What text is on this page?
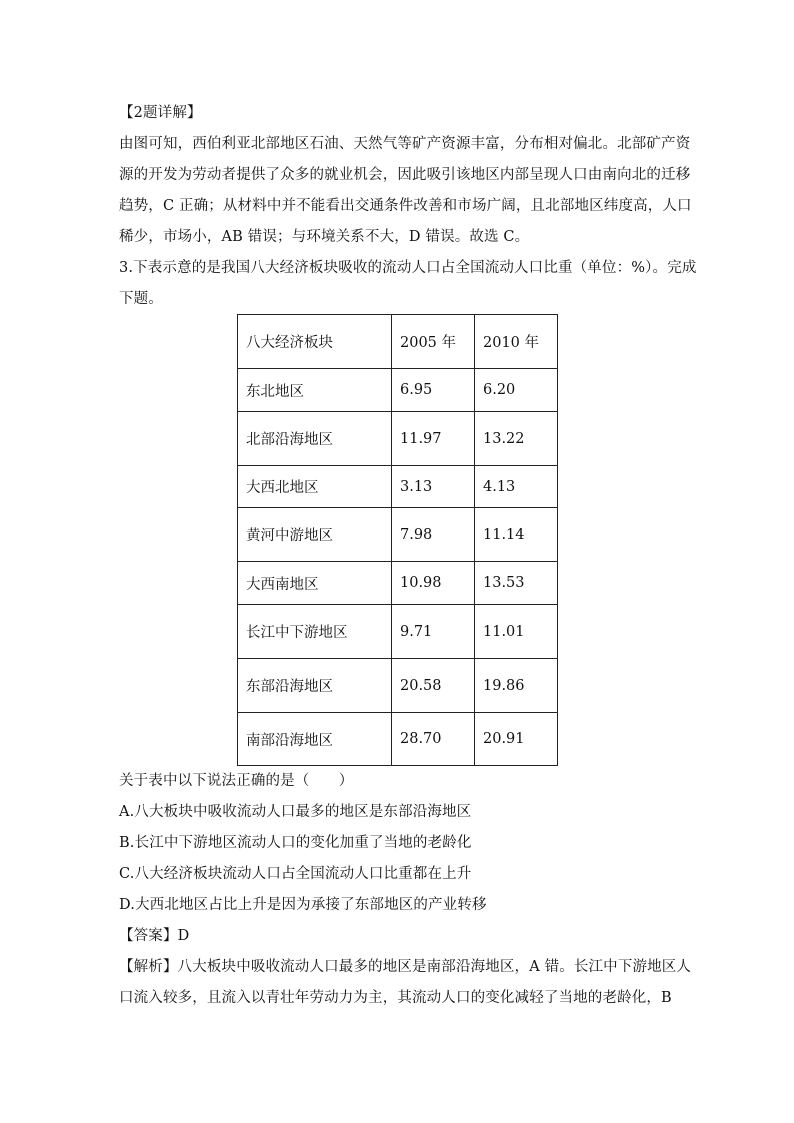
【2题详解】
由图可知，西伯利亚北部地区石油、天然气等矿产资源丰富，分布相对偏北。北部矿产资
源的开发为劳动者提供了众多的就业机会，因此吸引该地区内部呈现人口由南向北的迁移
趋势，C 正确；从材料中并不能看出交通条件改善和市场广阔，且北部地区纬度高，人口
稀少，市场小，AB 错误；与环境关系不大，D 错误。故选 C。
3.下表示意的是我国八大经济板块吸收的流动人口占全国流动人口比重（单位：%）。完成
下题。
八大经济板块	2005 年	2010 年
东北地区	6.95	6.20
北部沿海地区	11.97	13.22
大西北地区	3.13	4.13
黄河中游地区	7.98	11.14
大西南地区	10.98	13.53
长江中下游地区	9.71	11.01
东部沿海地区	20.58	19.86
南部沿海地区	28.70	20.91
关于表中以下说法正确的是（　　）
A.八大板块中吸收流动人口最多的地区是东部沿海地区
B.长江中下游地区流动人口的变化加重了当地的老龄化
C.八大经济板块流动人口占全国流动人口比重都在上升
D.大西北地区占比上升是因为承接了东部地区的产业转移
【答案】D
【解析】八大板块中吸收流动人口最多的地区是南部沿海地区，A 错。长江中下游地区人
口流入较多，且流入以青壮年劳动力为主，其流动人口的变化减轻了当地的老龄化，B
